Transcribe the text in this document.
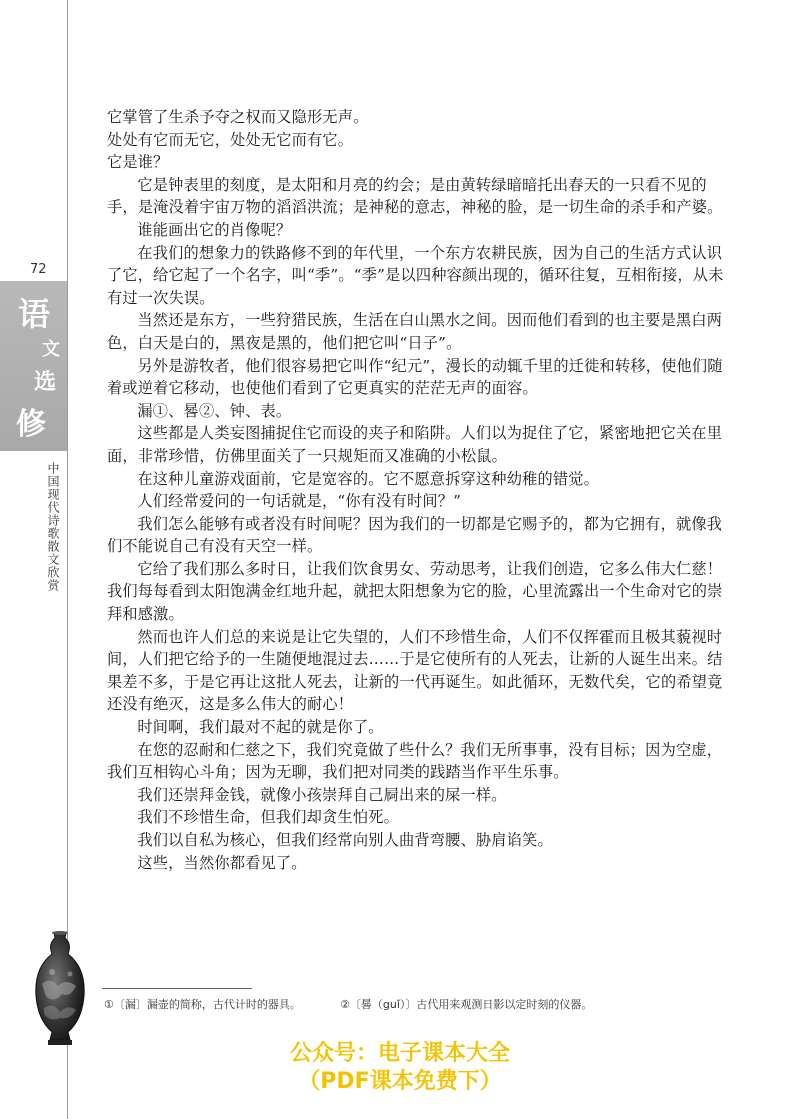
72
语
文
选
修
中国现代诗歌散文欣赏

它掌管了生杀予夺之权而又隐形无声。

处处有它而无它，处处无它而有它。

它是谁？

它是钟表里的刻度，是太阳和月亮的约会；是由黄转绿暗暗托出春天的一只看不见的手，是淹没着宇宙万物的滔滔洪流；是神秘的意志，神秘的脸，是一切生命的杀手和产婆。

谁能画出它的肖像呢？

在我们的想象力的铁路修不到的年代里，一个东方农耕民族，因为自己的生活方式认识了它，给它起了一个名字，叫“季”。“季”是以四种容颜出现的，循环往复，互相衔接，从未有过一次失误。

当然还是东方，一些狩猎民族，生活在白山黑水之间。因而他们看到的也主要是黑白两色，白天是白的，黑夜是黑的，他们把它叫“日子”。

另外是游牧者，他们很容易把它叫作“纪元”，漫长的动辄千里的迁徙和转移，使他们随着或逆着它移动，也使他们看到了它更真实的茫茫无声的面容。

漏①、晷②、钟、表。

这些都是人类妄图捕捉住它而设的夹子和陷阱。人们以为捉住了它，紧密地把它关在里面，非常珍惜，仿佛里面关了一只规矩而又准确的小松鼠。

在这种儿童游戏面前，它是宽容的。它不愿意拆穿这种幼稚的错觉。

人们经常爱问的一句话就是，“你有没有时间？”

我们怎么能够有或者没有时间呢？因为我们的一切都是它赐予的，都为它拥有，就像我们不能说自己有没有天空一样。

它给了我们那么多时日，让我们饮食男女、劳动思考，让我们创造，它多么伟大仁慈！我们每每看到太阳饱满金红地升起，就把太阳想象为它的脸，心里流露出一个生命对它的崇拜和感激。

然而也许人们总的来说是让它失望的，人们不珍惜生命，人们不仅挥霍而且极其藐视时间，人们把它给予的一生随便地混过去……于是它使所有的人死去，让新的人诞生出来。结果差不多，于是它再让这批人死去，让新的一代再诞生。如此循环，无数代矣，它的希望竟还没有绝灭，这是多么伟大的耐心！

时间啊，我们最对不起的就是你了。

在您的忍耐和仁慈之下，我们究竟做了些什么？我们无所事事，没有目标；因为空虚，我们互相钩心斗角；因为无聊，我们把对同类的践踏当作平生乐事。

我们还崇拜金钱，就像小孩崇拜自己屙出来的屎一样。

我们不珍惜生命，但我们却贪生怕死。

我们以自私为核心，但我们经常向别人曲背弯腰、胁肩谄笑。

这些，当然你都看见了。

①〔漏〕漏壶的简称，古代计时的器具。	②〔晷（guǐ）〕古代用来观测日影以定时刻的仪器。
公众号：电子课本大全
（PDF课本免费下）
